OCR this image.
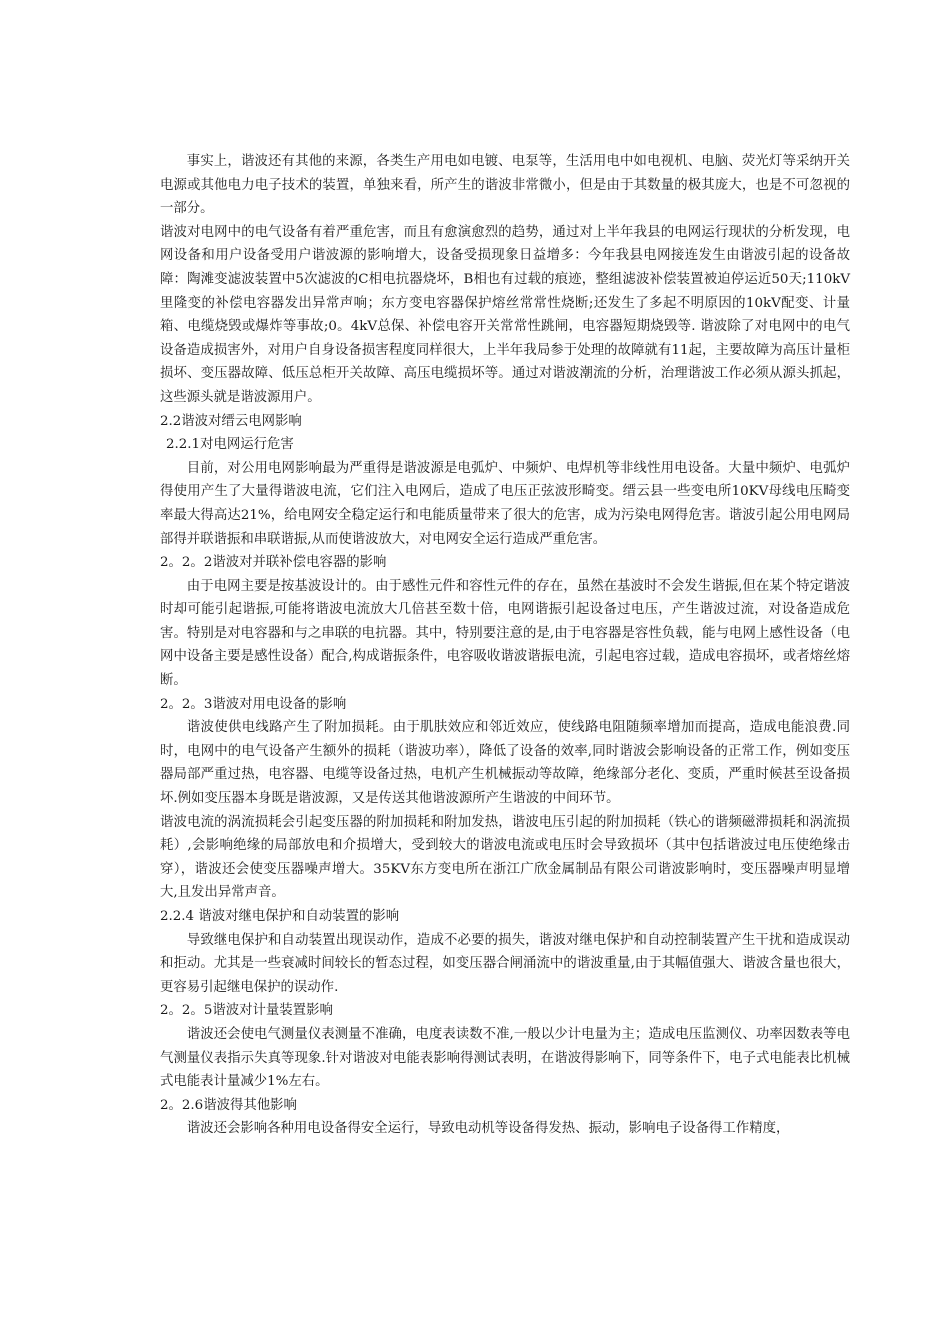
事实上，谐波还有其他的来源，各类生产用电如电镀、电泵等，生活用电中如电视机、电脑、荧光灯等采纳开关电源或其他电力电子技术的装置，单独来看，所产生的谐波非常微小，但是由于其数量的极其庞大，也是不可忽视的一部分。

谐波对电网中的电气设备有着严重危害，而且有愈演愈烈的趋势，通过对上半年我县的电网运行现状的分析发现，电网设备和用户设备受用户谐波源的影响增大，设备受损现象日益增多：今年我县电网接连发生由谐波引起的设备故障：陶滩变滤波装置中5次滤波的C相电抗器烧坏，B相也有过载的痕迹，整组滤波补偿装置被迫停运近50天;110kV里隆变的补偿电容器发出异常声响；东方变电容器保护熔丝常常性烧断;还发生了多起不明原因的10kV配变、计量箱、电缆烧毁或爆炸等事故;0。4kV总保、补偿电容开关常常性跳闸，电容器短期烧毁等. 谐波除了对电网中的电气设备造成损害外，对用户自身设备损害程度同样很大，上半年我局参于处理的故障就有11起，主要故障为高压计量柜损坏、变压器故障、低压总柜开关故障、高压电缆损坏等。通过对谐波潮流的分析，治理谐波工作必须从源头抓起，这些源头就是谐波源用户。

2.2谐波对缙云电网影响

2.2.1对电网运行危害

目前，对公用电网影响最为严重得是谐波源是电弧炉、中频炉、电焊机等非线性用电设备。大量中频炉、电弧炉得使用产生了大量得谐波电流，它们注入电网后，造成了电压正弦波形畸变。缙云县一些变电所10KV母线电压畸变率最大得高达21%，给电网安全稳定运行和电能质量带来了很大的危害，成为污染电网得危害。谐波引起公用电网局部得并联谐振和串联谐振,从而使谐波放大，对电网安全运行造成严重危害。

2。2。2谐波对并联补偿电容器的影响

由于电网主要是按基波设计的。由于感性元件和容性元件的存在，虽然在基波时不会发生谐振,但在某个特定谐波时却可能引起谐振,可能将谐波电流放大几倍甚至数十倍，电网谐振引起设备过电压，产生谐波过流，对设备造成危害。特别是对电容器和与之串联的电抗器。其中，特别要注意的是,由于电容器是容性负载，能与电网上感性设备（电网中设备主要是感性设备）配合,构成谐振条件，电容吸收谐波谐振电流，引起电容过载，造成电容损坏，或者熔丝熔断。

2。2。3谐波对用电设备的影响

谐波使供电线路产生了附加损耗。由于肌肤效应和邻近效应，使线路电阻随频率增加而提高，造成电能浪费.同时，电网中的电气设备产生额外的损耗（谐波功率），降低了设备的效率,同时谐波会影响设备的正常工作，例如变压器局部严重过热，电容器、电缆等设备过热，电机产生机械振动等故障，绝缘部分老化、变质，严重时候甚至设备损坏.例如变压器本身既是谐波源，又是传送其他谐波源所产生谐波的中间环节。

谐波电流的涡流损耗会引起变压器的附加损耗和附加发热，谐波电压引起的附加损耗（铁心的谐频磁滞损耗和涡流损耗）,会影响绝缘的局部放电和介损增大，受到较大的谐波电流或电压时会导致损坏（其中包括谐波过电压使绝缘击穿），谐波还会使变压器噪声增大。35KV东方变电所在浙江广欣金属制品有限公司谐波影响时，变压器噪声明显增大,且发出异常声音。

2.2.4 谐波对继电保护和自动装置的影响

导致继电保护和自动装置出现误动作，造成不必要的损失，谐波对继电保护和自动控制装置产生干扰和造成误动和拒动。尤其是一些衰减时间较长的暂态过程，如变压器合闸涌流中的谐波重量,由于其幅值强大、谐波含量也很大，更容易引起继电保护的误动作.

2。2。5谐波对计量装置影响

谐波还会使电气测量仪表测量不准确，电度表读数不准,一般以少计电量为主；造成电压监测仪、功率因数表等电气测量仪表指示失真等现象.针对谐波对电能表影响得测试表明，在谐波得影响下，同等条件下，电子式电能表比机械式电能表计量减少1%左右。

2。2.6谐波得其他影响

谐波还会影响各种用电设备得安全运行，导致电动机等设备得发热、振动，影响电子设备得工作精度，
